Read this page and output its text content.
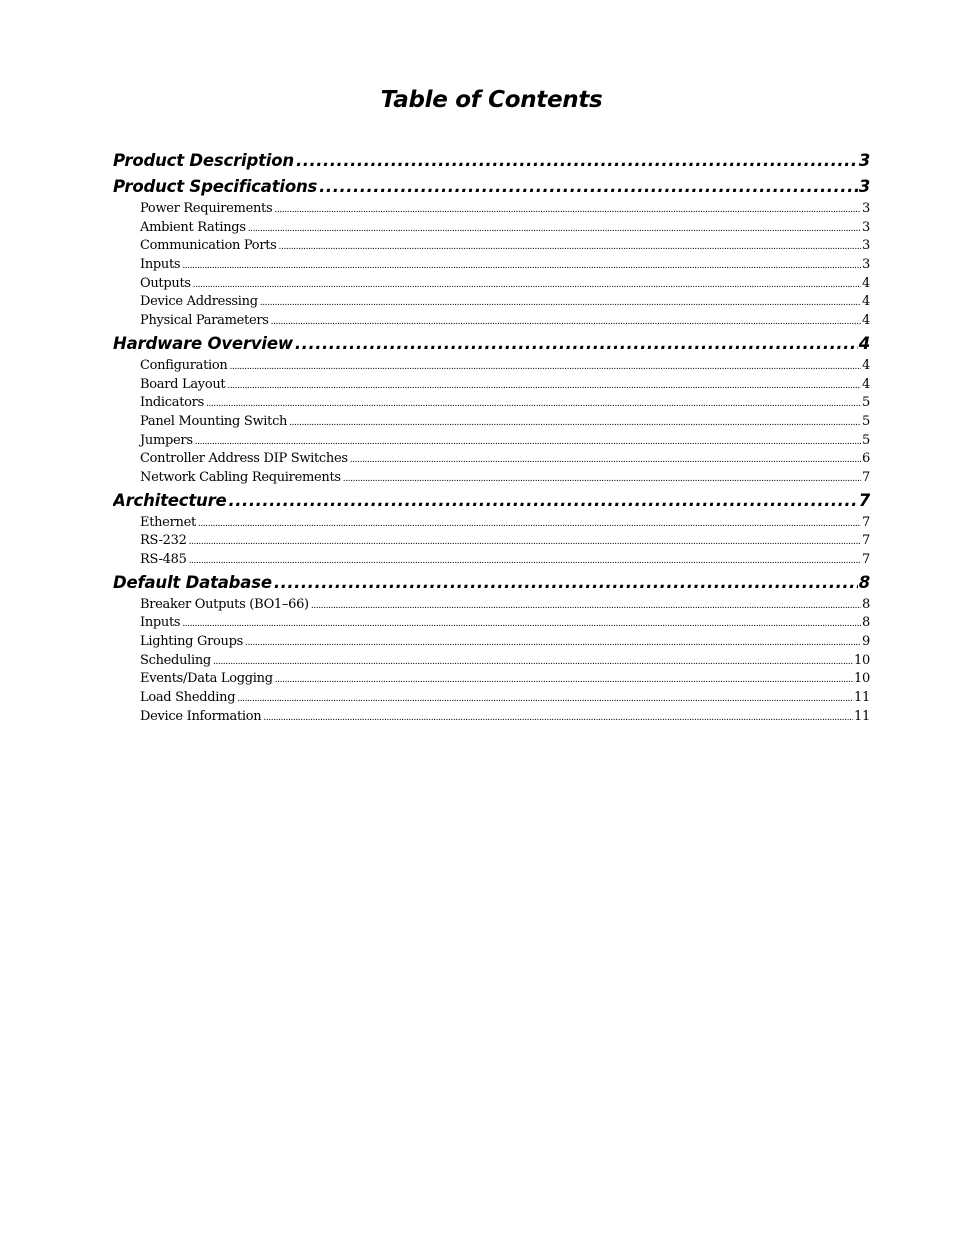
Table of Contents
Product Description .....	3
Product Specifications .....	3
Power Requirements .....	3
Ambient Ratings .....	3
Communication Ports .....	3
Inputs .....	3
Outputs .....	4
Device Addressing .....	4
Physical Parameters .....	4
Hardware Overview .....	4
Configuration .....	4
Board Layout .....	4
Indicators .....	5
Panel Mounting Switch .....	5
Jumpers .....	5
Controller Address DIP Switches .....	6
Network Cabling Requirements .....	7
Architecture .....	7
Ethernet .....	7
RS-232 .....	7
RS-485 .....	7
Default Database .....	8
Breaker Outputs (BO1–66) .....	8
Inputs .....	8
Lighting Groups .....	9
Scheduling .....	10
Events/Data Logging .....	10
Load Shedding .....	11
Device Information .....	11
